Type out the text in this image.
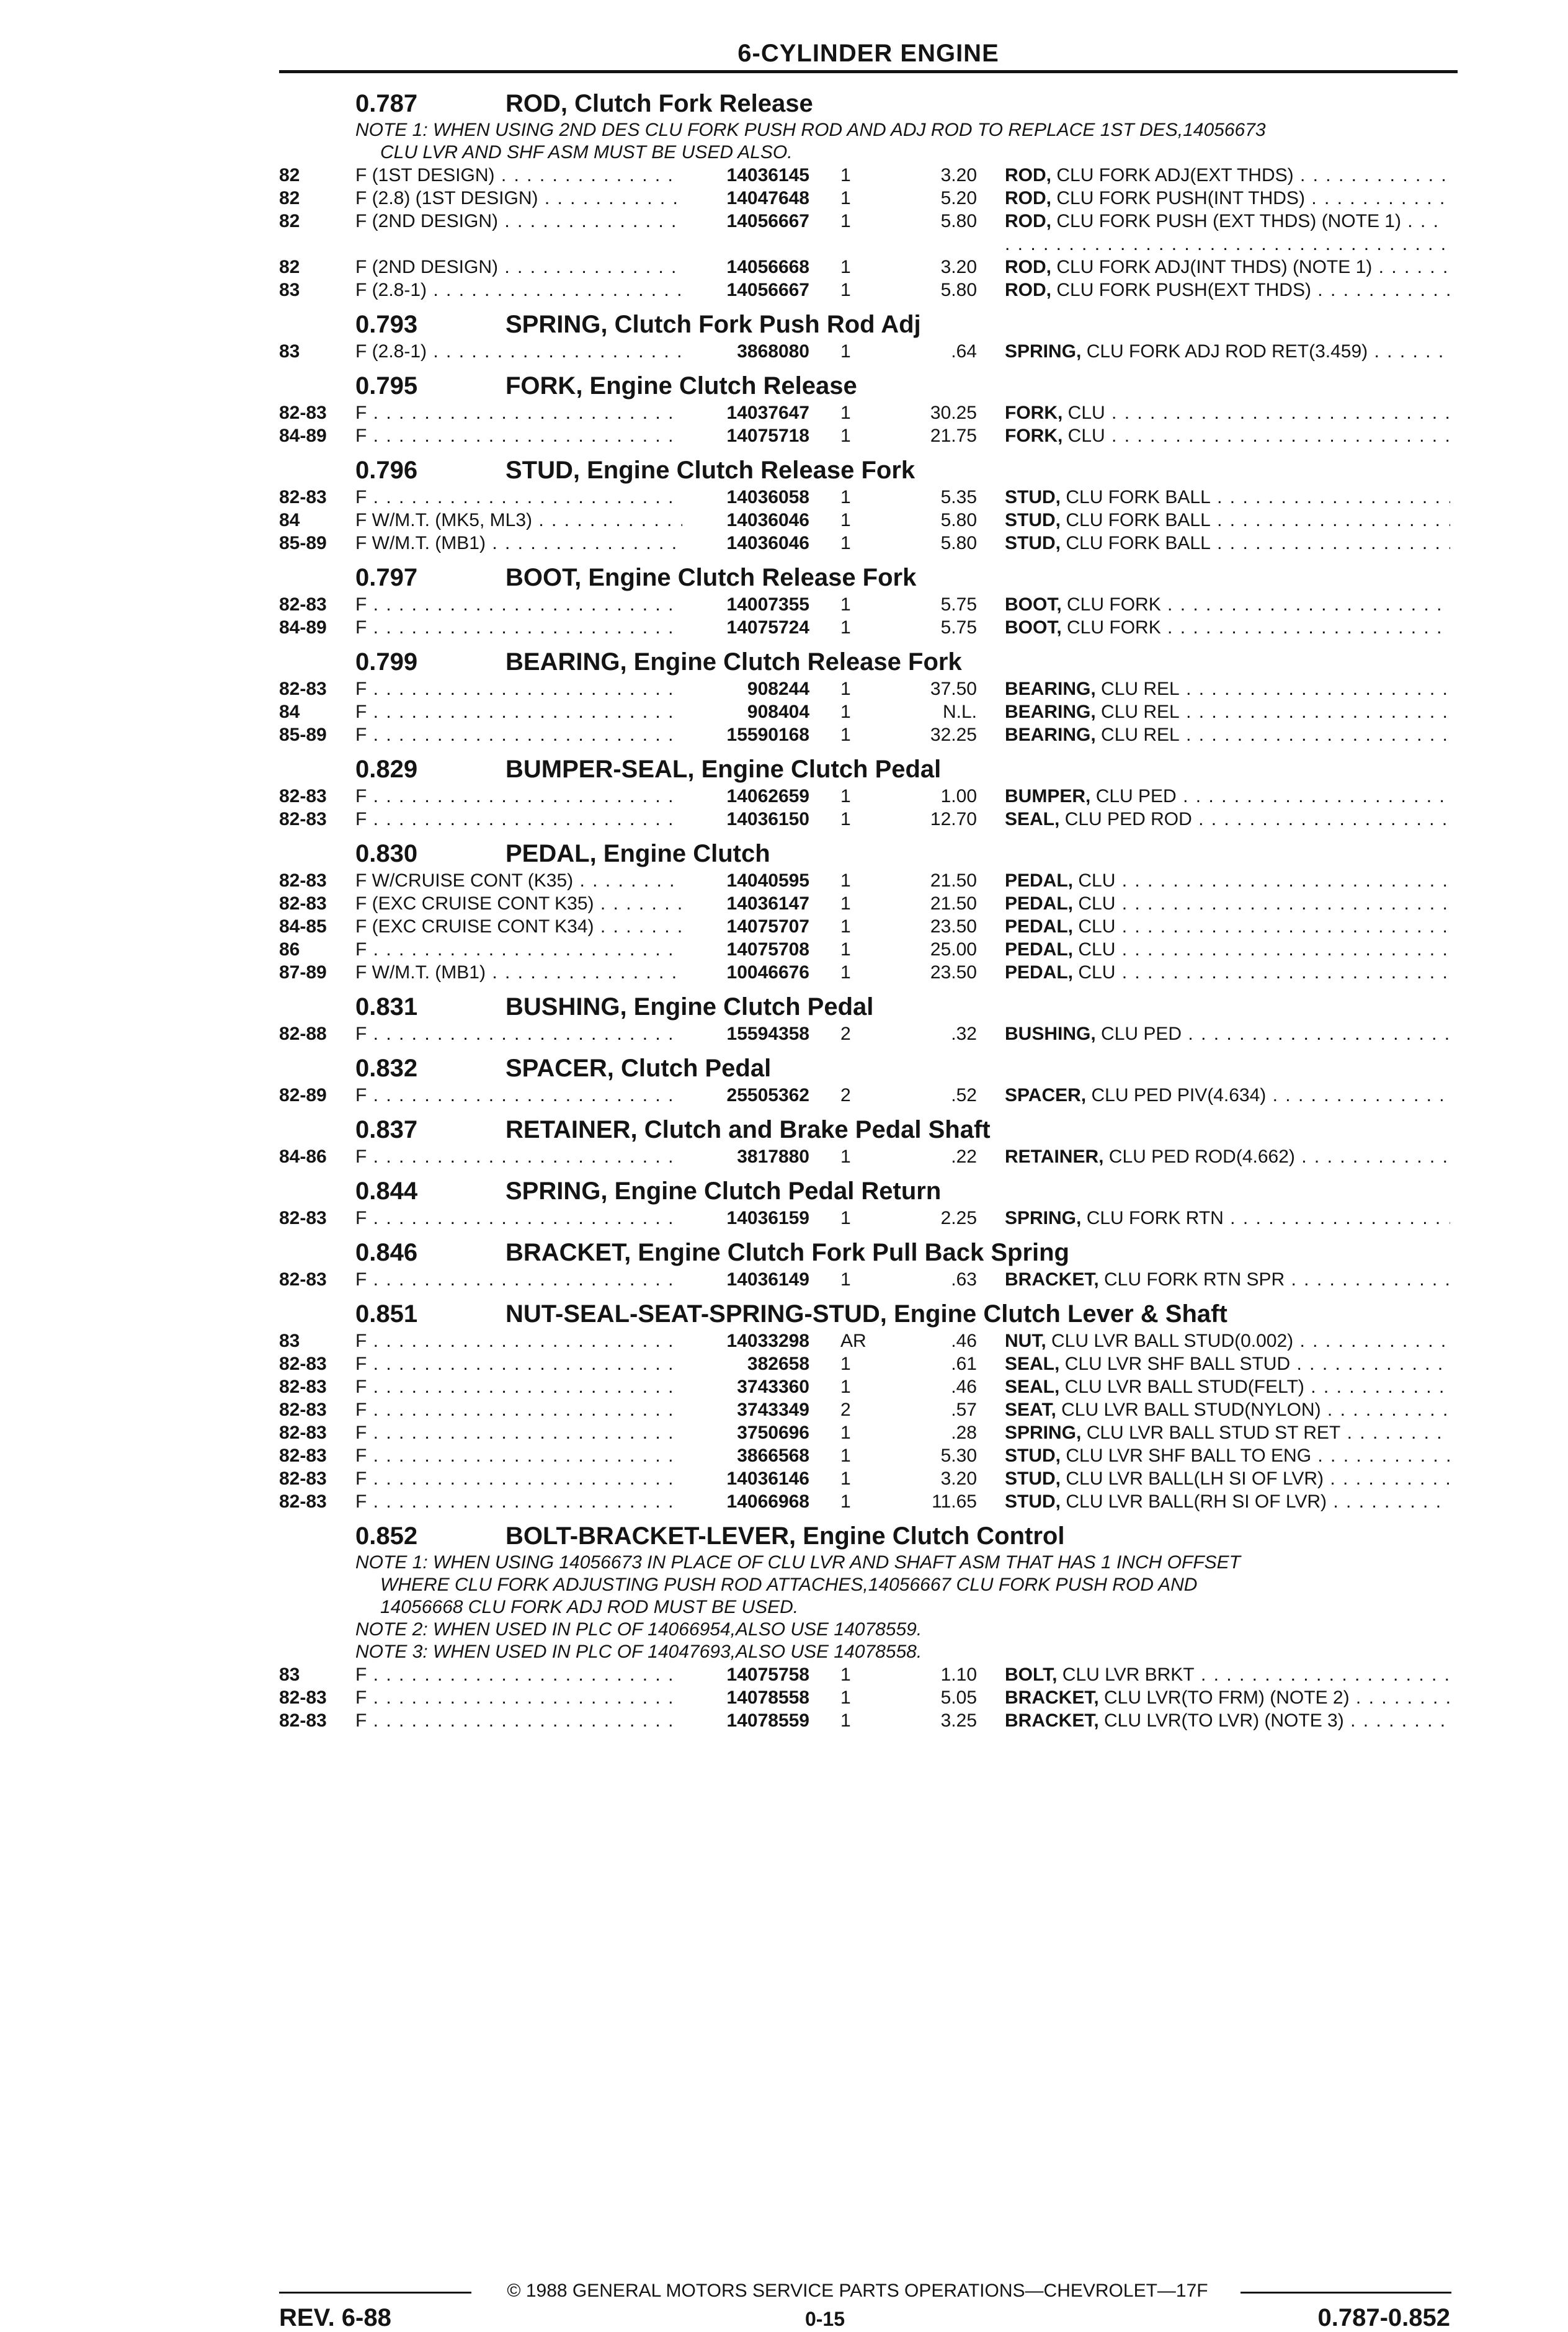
6-CYLINDER ENGINE
0.787	ROD, Clutch Fork Release
NOTE 1: WHEN USING 2ND DES CLU FORK PUSH ROD AND ADJ ROD TO REPLACE 1ST DES,14056673
CLU LVR AND SHF ASM MUST BE USED ALSO.
82	F (1ST DESIGN) . . .	14036145 1	3.20 ROD, CLU FORK ADJ(EXT THDS) . . .
82	F (2.8) (1ST DESIGN) . . .	14047648 1	5.20 ROD, CLU FORK PUSH(INT THDS) . . .
82	F (2ND DESIGN) . . .	14056667 1	5.80 ROD, CLU FORK PUSH (EXT THDS) (NOTE 1) . . .
82	F (2ND DESIGN) . . .	14056668 1	3.20 ROD, CLU FORK ADJ(INT THDS) (NOTE 1) . . .
83	F (2.8-1) . . .	14056667 1	5.80 ROD, CLU FORK PUSH(EXT THDS) . . .
0.793	SPRING, Clutch Fork Push Rod Adj
83	F (2.8-1) . . .	3868080 1	.64 SPRING, CLU FORK ADJ ROD RET(3.459) . . .
0.795	FORK, Engine Clutch Release
82-83	F . . .	14037647 1	30.25 FORK, CLU . . .
84-89	F . . .	14075718 1	21.75 FORK, CLU . . .
0.796	STUD, Engine Clutch Release Fork
82-83	F . . .	14036058 1	5.35 STUD, CLU FORK BALL . . .
84	F W/M.T. (MK5, ML3) . . .	14036046 1	5.80 STUD, CLU FORK BALL . . .
85-89	F W/M.T. (MB1) . . .	14036046 1	5.80 STUD, CLU FORK BALL . . .
0.797	BOOT, Engine Clutch Release Fork
82-83	F . . .	14007355 1	5.75 BOOT, CLU FORK . . .
84-89	F . . .	14075724 1	5.75 BOOT, CLU FORK . . .
0.799	BEARING, Engine Clutch Release Fork
82-83	F . . .	908244 1	37.50 BEARING, CLU REL . . .
84	F . . .	908404 1	N.L. BEARING, CLU REL . . .
85-89	F . . .	15590168 1	32.25 BEARING, CLU REL . . .
0.829	BUMPER-SEAL, Engine Clutch Pedal
82-83	F . . .	14062659 1	1.00 BUMPER, CLU PED . . .
82-83	F . . .	14036150 1	12.70 SEAL, CLU PED ROD . . .
0.830	PEDAL, Engine Clutch
82-83	F W/CRUISE CONT (K35) . . .	14040595 1	21.50 PEDAL, CLU . . .
82-83	F (EXC CRUISE CONT K35) . . .	14036147 1	21.50 PEDAL, CLU . . .
84-85	F (EXC CRUISE CONT K34) . . .	14075707 1	23.50 PEDAL, CLU . . .
86	F . . .	14075708 1	25.00 PEDAL, CLU . . .
87-89	F W/M.T. (MB1) . . .	10046676 1	23.50 PEDAL, CLU . . .
0.831	BUSHING, Engine Clutch Pedal
82-88	F . . .	15594358 2	.32 BUSHING, CLU PED . . .
0.832	SPACER, Clutch Pedal
82-89	F . . .	25505362 2	.52 SPACER, CLU PED PIV(4.634) . . .
0.837	RETAINER, Clutch and Brake Pedal Shaft
84-86	F . . .	3817880 1	.22 RETAINER, CLU PED ROD(4.662) . . .
0.844	SPRING, Engine Clutch Pedal Return
82-83	F . . .	14036159 1	2.25 SPRING, CLU FORK RTN . . .
0.846	BRACKET, Engine Clutch Fork Pull Back Spring
82-83	F . . .	14036149 1	.63 BRACKET, CLU FORK RTN SPR . . .
0.851	NUT-SEAL-SEAT-SPRING-STUD, Engine Clutch Lever & Shaft
83	F . . .	14033298 AR	.46 NUT, CLU LVR BALL STUD(0.002) . . .
82-83	F . . .	382658 1	.61 SEAL, CLU LVR SHF BALL STUD . . .
82-83	F . . .	3743360 1	.46 SEAL, CLU LVR BALL STUD(FELT) . . .
82-83	F . . .	3743349 2	.57 SEAT, CLU LVR BALL STUD(NYLON) . . .
82-83	F . . .	3750696 1	.28 SPRING, CLU LVR BALL STUD ST RET . . .
82-83	F . . .	3866568 1	5.30 STUD, CLU LVR SHF BALL TO ENG . . .
82-83	F . . .	14036146 1	3.20 STUD, CLU LVR BALL(LH SI OF LVR) . . .
82-83	F . . .	14066968 1	11.65 STUD, CLU LVR BALL(RH SI OF LVR) . . .
0.852	BOLT-BRACKET-LEVER, Engine Clutch Control
NOTE 1: WHEN USING 14056673 IN PLACE OF CLU LVR AND SHAFT ASM THAT HAS 1 INCH OFFSET
WHERE CLU FORK ADJUSTING PUSH ROD ATTACHES,14056667 CLU FORK PUSH ROD AND
14056668 CLU FORK ADJ ROD MUST BE USED.
NOTE 2: WHEN USED IN PLC OF 14066954,ALSO USE 14078559.
NOTE 3: WHEN USED IN PLC OF 14047693,ALSO USE 14078558.
83	F . . .	14075758 1	1.10 BOLT, CLU LVR BRKT . . .
82-83	F . . .	14078558 1	5.05 BRACKET, CLU LVR(TO FRM) (NOTE 2) . . .
82-83	F . . .	14078559 1	3.25 BRACKET, CLU LVR(TO LVR) (NOTE 3) . . .
© 1988 GENERAL MOTORS SERVICE PARTS OPERATIONS—CHEVROLET—17F
REV. 6-88	0-15	0.787-0.852
